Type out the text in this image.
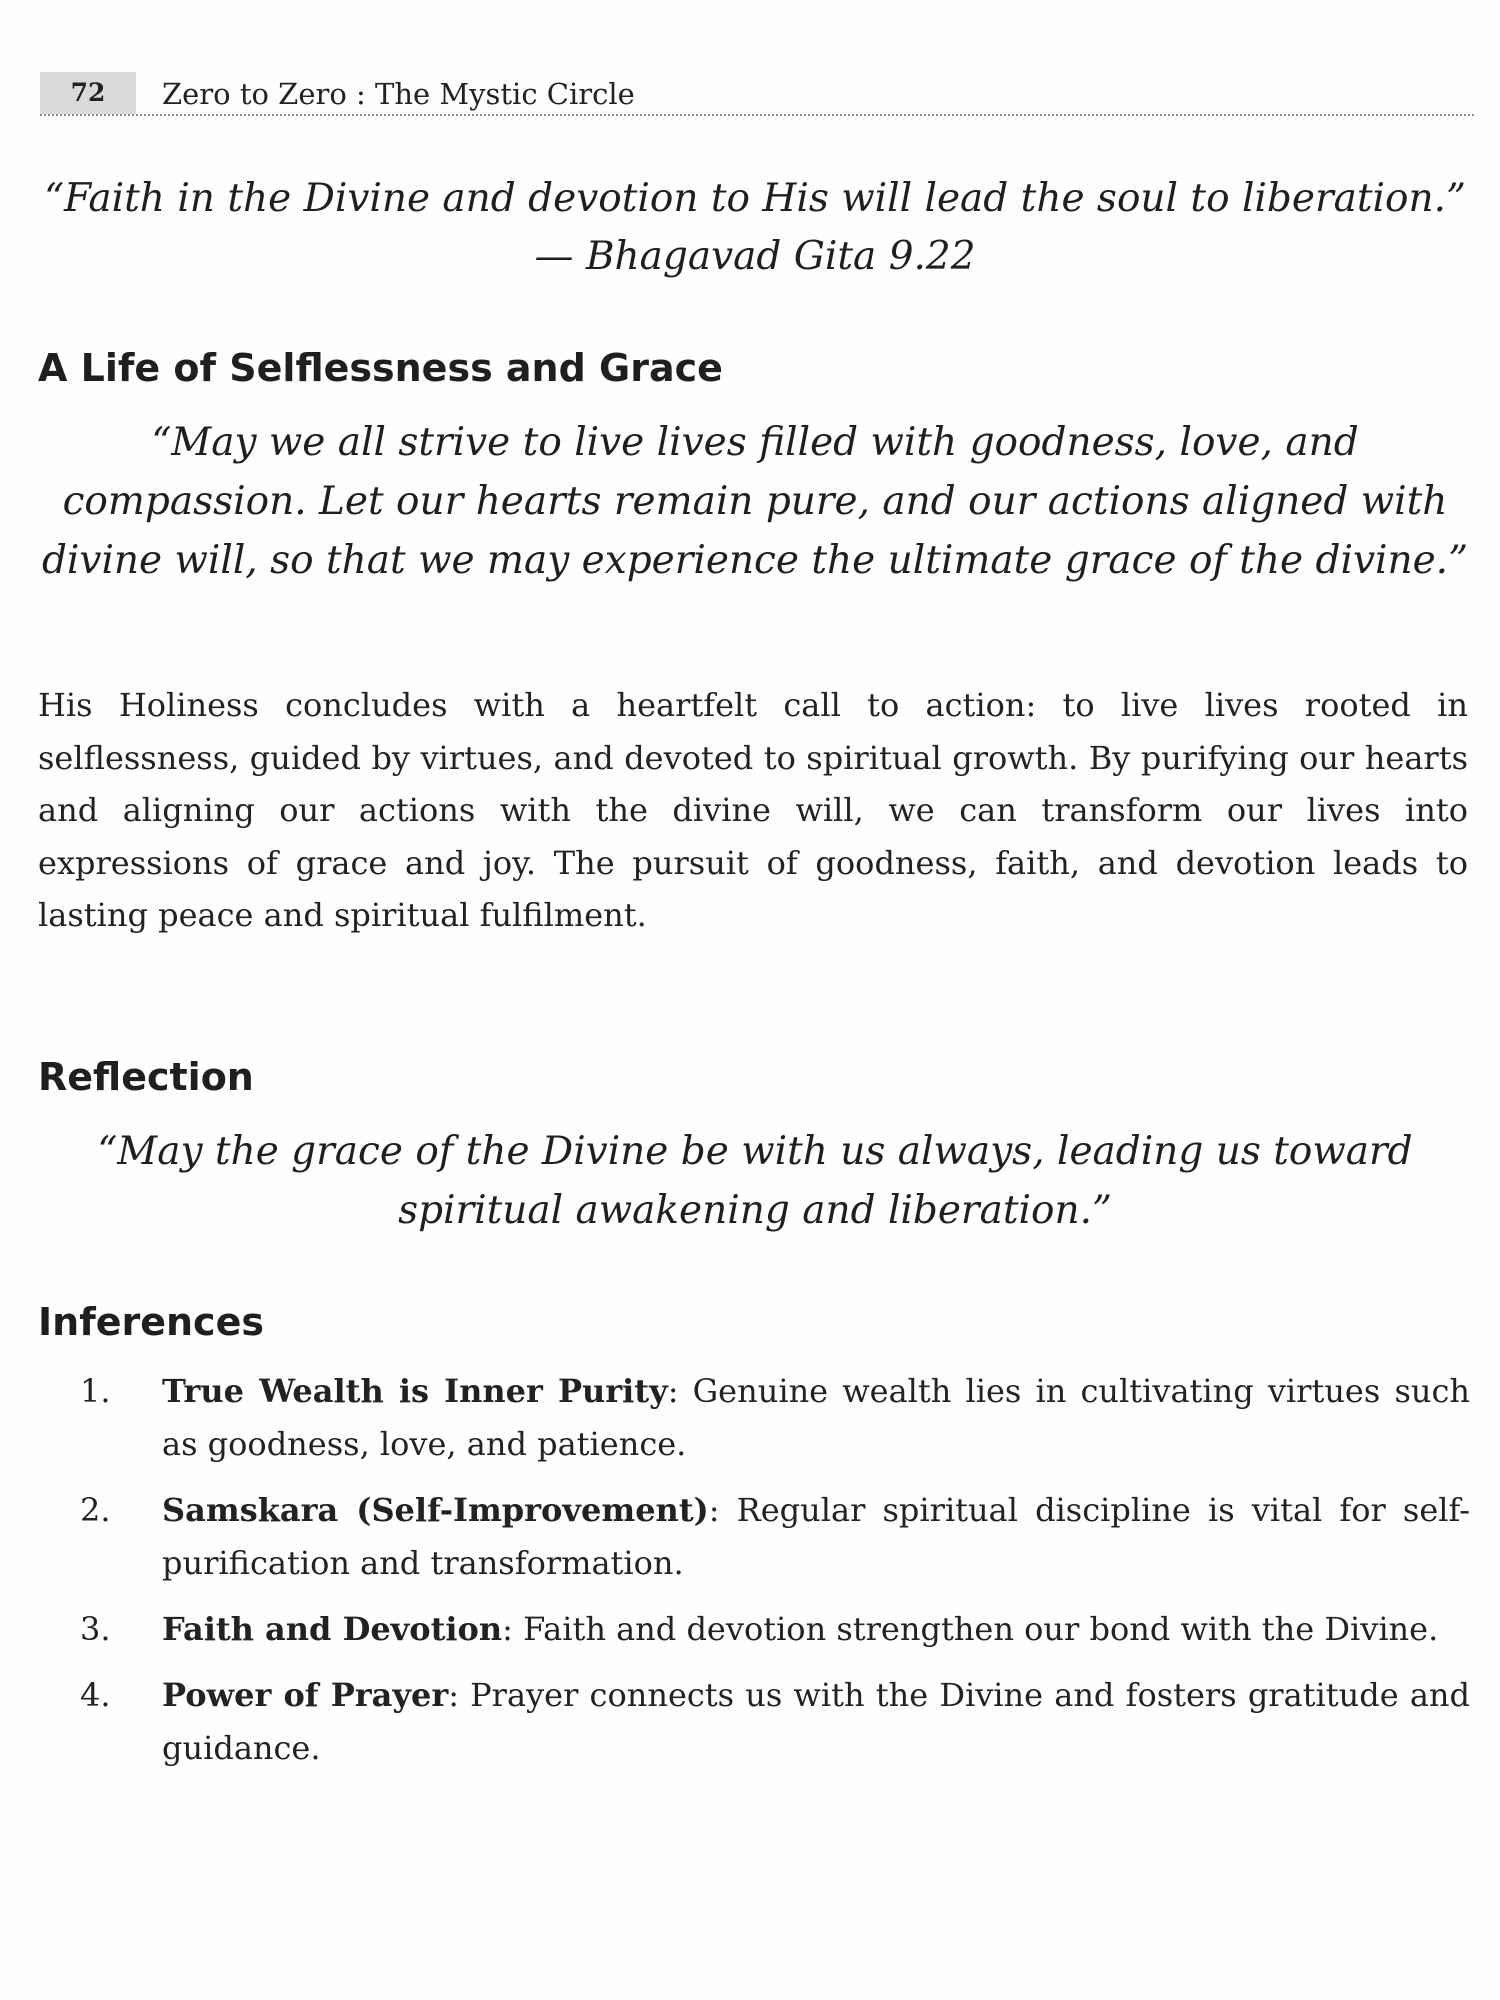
72	Zero to Zero : The Mystic Circle

“Faith in the Divine and devotion to His will lead the soul to liberation.” — Bhagavad Gita 9.22

A Life of Selflessness and Grace

“May we all strive to live lives filled with goodness, love, and compassion. Let our hearts remain pure, and our actions aligned with divine will, so that we may experience the ultimate grace of the divine.”

His Holiness concludes with a heartfelt call to action: to live lives rooted in selflessness, guided by virtues, and devoted to spiritual growth. By purifying our hearts and aligning our actions with the divine will, we can transform our lives into expressions of grace and joy. The pursuit of goodness, faith, and devotion leads to lasting peace and spiritual fulfilment.

Reflection

“May the grace of the Divine be with us always, leading us toward spiritual awakening and liberation.”

Inferences
1. True Wealth is Inner Purity: Genuine wealth lies in cultivating virtues such as goodness, love, and patience.
2. Samskara (Self-Improvement): Regular spiritual discipline is vital for self-purification and transformation.
3. Faith and Devotion: Faith and devotion strengthen our bond with the Divine.
4. Power of Prayer: Prayer connects us with the Divine and fosters gratitude and guidance.
